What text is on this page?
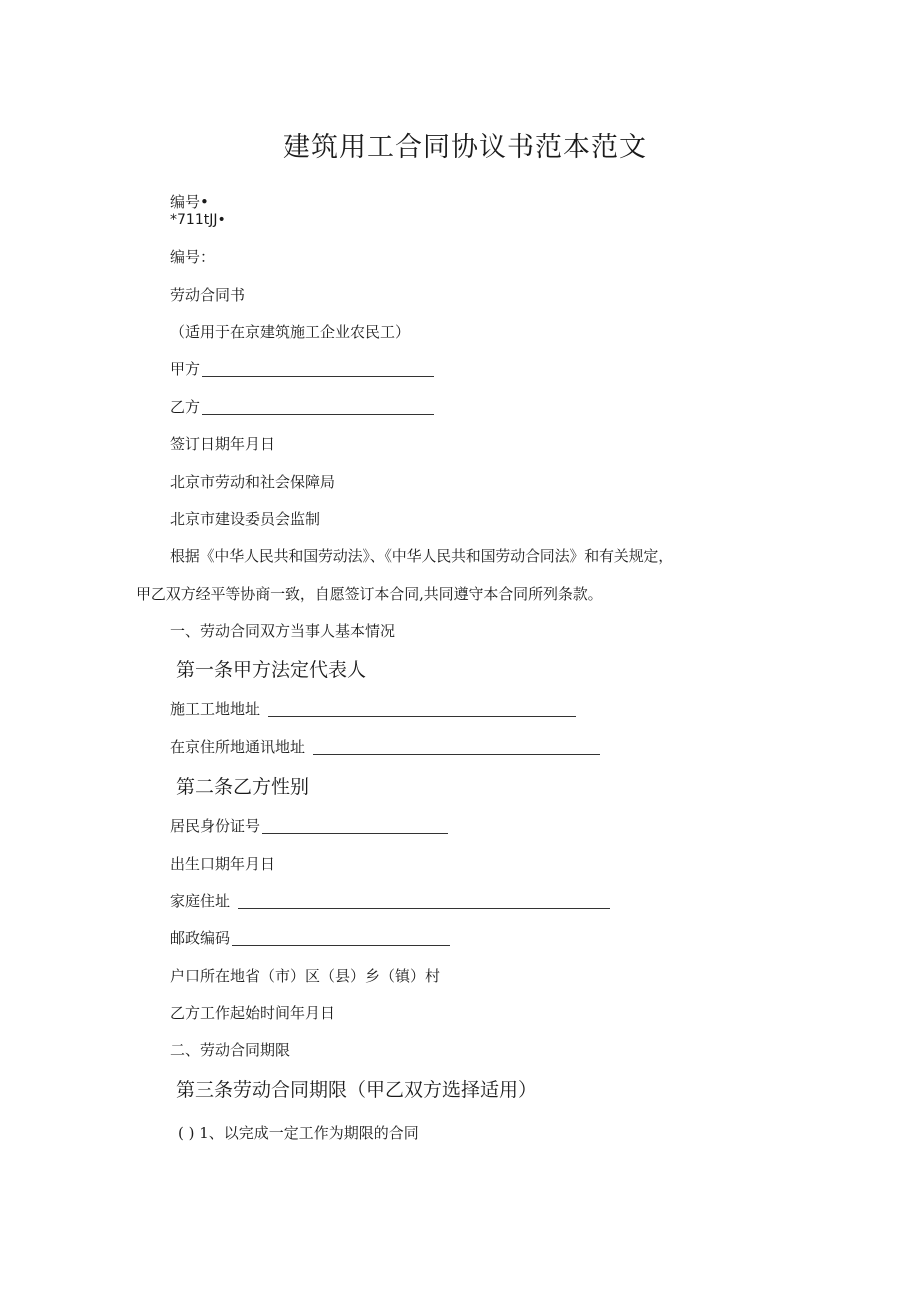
建筑用工合同协议书范本范文
编号•
*711tJJ•
编号：
劳动合同书
（适用于在京建筑施工企业农民工）
甲方
乙方
签订日期年月日
北京市劳动和社会保障局
北京市建设委员会监制
根据《中华人民共和国劳动法》、《中华人民共和国劳动合同法》和有关规定，
甲乙双方经平等协商一致，自愿签订本合同,共同遵守本合同所列条款。
一、劳动合同双方当事人基本情况
第一条甲方法定代表人
施工工地地址
在京住所地通讯地址
第二条乙方性别
居民身份证号
出生口期年月日
家庭住址
邮政编码
户口所在地省（市）区（县）乡（镇）村
乙方工作起始时间年月日
二、劳动合同期限
第三条劳动合同期限（甲乙双方选择适用）
( ) 1、以完成一定工作为期限的合同
